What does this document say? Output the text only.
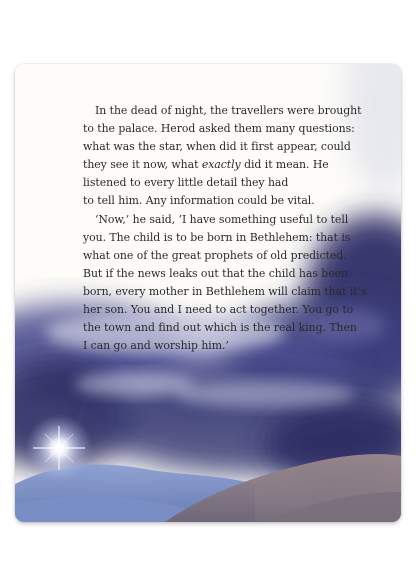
In the dead of night, the travellers were brought
to the palace. Herod asked them many questions:
what was the star, when did it first appear, could
they see it now, what exactly did it mean. He
listened to every little detail they had
to tell him. Any information could be vital.
‘Now,’ he said, ‘I have something useful to tell
you. The child is to be born in Bethlehem: that is
what one of the great prophets of old predicted.
But if the news leaks out that the child has been
born, every mother in Bethlehem will claim that it’s
her son. You and I need to act together. You go to
the town and find out which is the real king. Then
I can go and worship him.’
